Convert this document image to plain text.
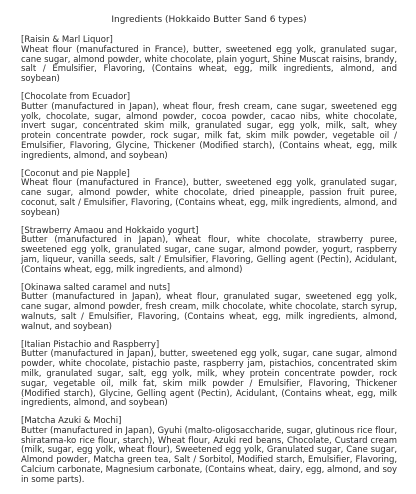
Ingredients (Hokkaido Butter Sand 6 types)

[Raisin & Marl Liquor]

Wheat flour (manufactured in France), butter, sweetened egg yolk, granulated sugar, cane sugar, almond powder, white chocolate, plain yogurt, Shine Muscat raisins, brandy, salt / Emulsifier, Flavoring, (Contains wheat, egg, milk ingredients, almond, and soybean)

[Chocolate from Ecuador]

Butter (manufactured in Japan), wheat flour, fresh cream, cane sugar, sweetened egg yolk, chocolate, sugar, almond powder, cocoa powder, cacao nibs, white chocolate, invert sugar, concentrated skim milk, granulated sugar, egg yolk, milk, salt, whey protein concentrate powder, rock sugar, milk fat, skim milk powder, vegetable oil / Emulsifier, Flavoring, Glycine, Thickener (Modified starch), (Contains wheat, egg, milk ingredients, almond, and soybean)

[Coconut and pie Napple]

Wheat flour (manufactured in France), butter, sweetened egg yolk, granulated sugar, cane sugar, almond powder, white chocolate, dried pineapple, passion fruit puree, coconut, salt / Emulsifier, Flavoring, (Contains wheat, egg, milk ingredients, almond, and soybean)

[Strawberry Amaou and Hokkaido yogurt]

Butter (manufactured in Japan), wheat flour, white chocolate, strawberry puree, sweetened egg yolk, granulated sugar, cane sugar, almond powder, yogurt, raspberry jam, liqueur, vanilla seeds, salt / Emulsifier, Flavoring, Gelling agent (Pectin), Acidulant, (Contains wheat, egg, milk ingredients, and almond)

[Okinawa salted caramel and nuts]

Butter (manufactured in Japan), wheat flour, granulated sugar, sweetened egg yolk, cane sugar, almond powder, fresh cream, milk chocolate, white chocolate, starch syrup, walnuts, salt / Emulsifier, Flavoring, (Contains wheat, egg, milk ingredients, almond, walnut, and soybean)

[Italian Pistachio and Raspberry]

Butter (manufactured in Japan), butter, sweetened egg yolk, sugar, cane sugar, almond powder, white chocolate, pistachio paste, raspberry jam, pistachios, concentrated skim milk, granulated sugar, salt, egg yolk, milk, whey protein concentrate powder, rock sugar, vegetable oil, milk fat, skim milk powder / Emulsifier, Flavoring, Thickener (Modified starch), Glycine, Gelling agent (Pectin), Acidulant, (Contains wheat, egg, milk ingredients, almond, and soybean)

[Matcha Azuki & Mochi]

Butter (manufactured in Japan), Gyuhi (malto-oligosaccharide, sugar, glutinous rice flour, shiratama-ko rice flour, starch), Wheat flour, Azuki red beans, Chocolate, Custard cream (milk, sugar, egg yolk, wheat flour), Sweetened egg yolk, Granulated sugar, Cane sugar, Almond powder, Matcha green tea, Salt / Sorbitol, Modified starch, Emulsifier, Flavoring, Calcium carbonate, Magnesium carbonate, (Contains wheat, dairy, egg, almond, and soy in some parts).
